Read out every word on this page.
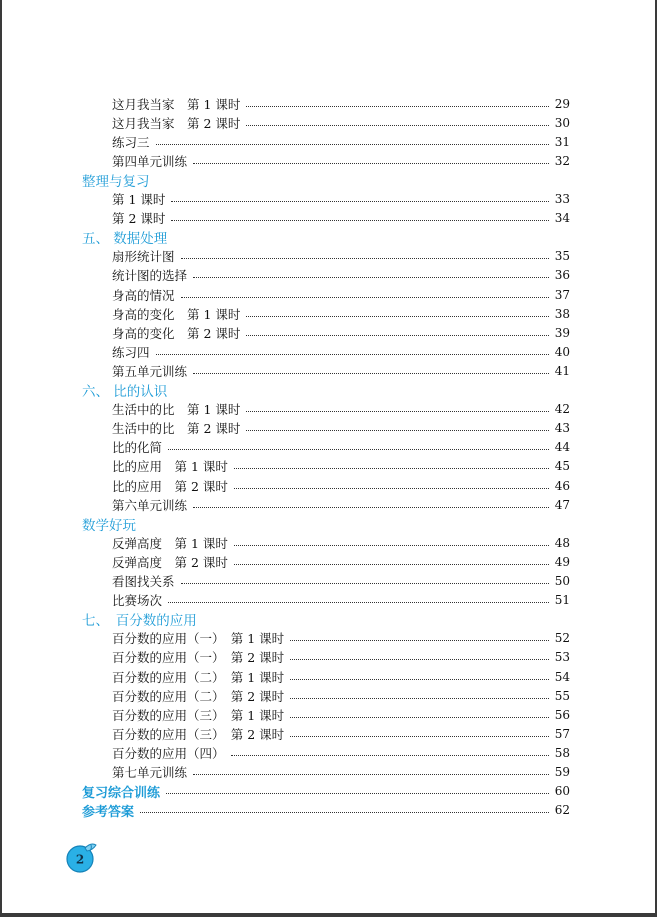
这月我当家　第 1 课时	29
这月我当家　第 2 课时	30
练习三	31
第四单元训练	32
整理与复习
第 1 课时	33
第 2 课时	34
五、 数据处理
扇形统计图	35
统计图的选择	36
身高的情况	37
身高的变化　第 1 课时	38
身高的变化　第 2 课时	39
练习四	40
第五单元训练	41
六、 比的认识
生活中的比　第 1 课时	42
生活中的比　第 2 课时	43
比的化简	44
比的应用　第 1 课时	45
比的应用　第 2 课时	46
第六单元训练	47
数学好玩
反弹高度　第 1 课时	48
反弹高度　第 2 课时	49
看图找关系	50
比赛场次	51
七、　百分数的应用
百分数的应用（一）　第 1 课时	52
百分数的应用（一）　第 2 课时	53
百分数的应用（二）　第 1 课时	54
百分数的应用（二）　第 2 课时	55
百分数的应用（三）　第 1 课时	56
百分数的应用（三）　第 2 课时	57
百分数的应用（四）	58
第七单元训练	59
复习综合训练	60
参考答案	62
2
